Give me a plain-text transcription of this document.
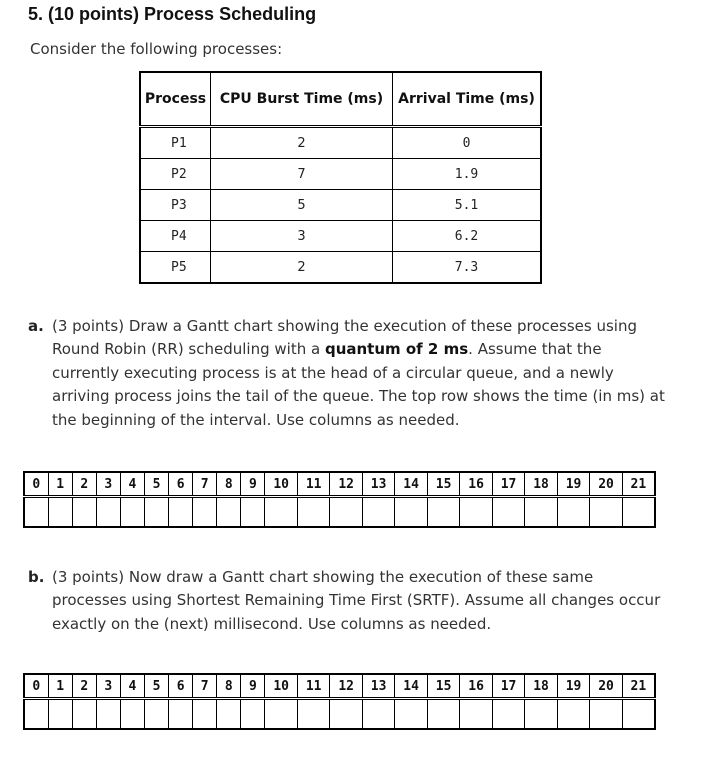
5. (10 points) Process Scheduling
Consider the following processes:
Process	CPU Burst Time (ms)	Arrival Time (ms)
P1	2	0
P2	7	1.9
P3	5	5.1
P4	3	6.2
P5	2	7.3
a. (3 points) Draw a Gantt chart showing the execution of these processes using Round Robin (RR) scheduling with a quantum of 2 ms. Assume that the currently executing process is at the head of a circular queue, and a newly arriving process joins the tail of the queue. The top row shows the time (in ms) at the beginning of the interval. Use columns as needed.
0	1	2	3	4	5	6	7	8	9	10	11	12	13	14	15	16	17	18	19	20	21

b. (3 points) Now draw a Gantt chart showing the execution of these same processes using Shortest Remaining Time First (SRTF). Assume all changes occur exactly on the (next) millisecond. Use columns as needed.
0	1	2	3	4	5	6	7	8	9	10	11	12	13	14	15	16	17	18	19	20	21
